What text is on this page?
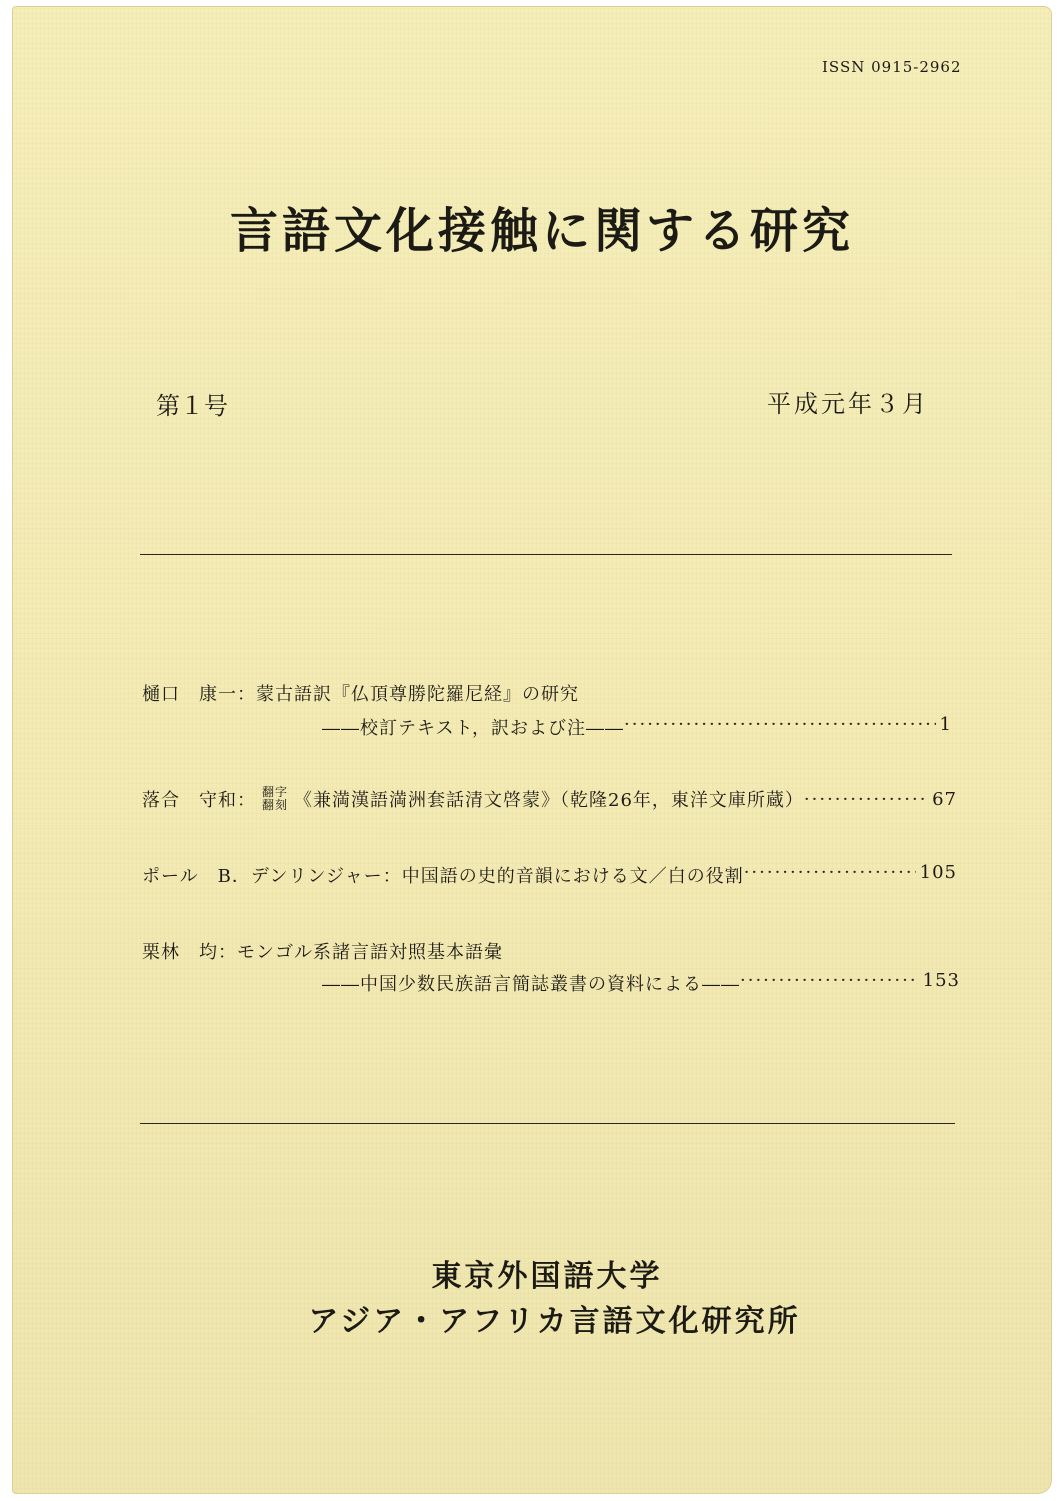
ISSN 0915-2962
言語文化接触に関する研究
第１号	平成元年３月
樋口　康一：蒙古語訳『仏頂尊勝陀羅尼経』の研究
――校訂テキスト，訳および注―― ·····	1
落合　守和： 翻字
翻刻 《兼満漢語満洲套話清文啓蒙》（乾隆26年，東洋文庫所蔵） ·····	67
ポール　B．デンリンジャー： 中国語の史的音韻における文／白の役割 ·····	105
栗林　均：モンゴル系諸言語対照基本語彙
――中国少数民族語言簡誌叢書の資料による―― ·····	153
東京外国語大学
アジア・アフリカ言語文化研究所
